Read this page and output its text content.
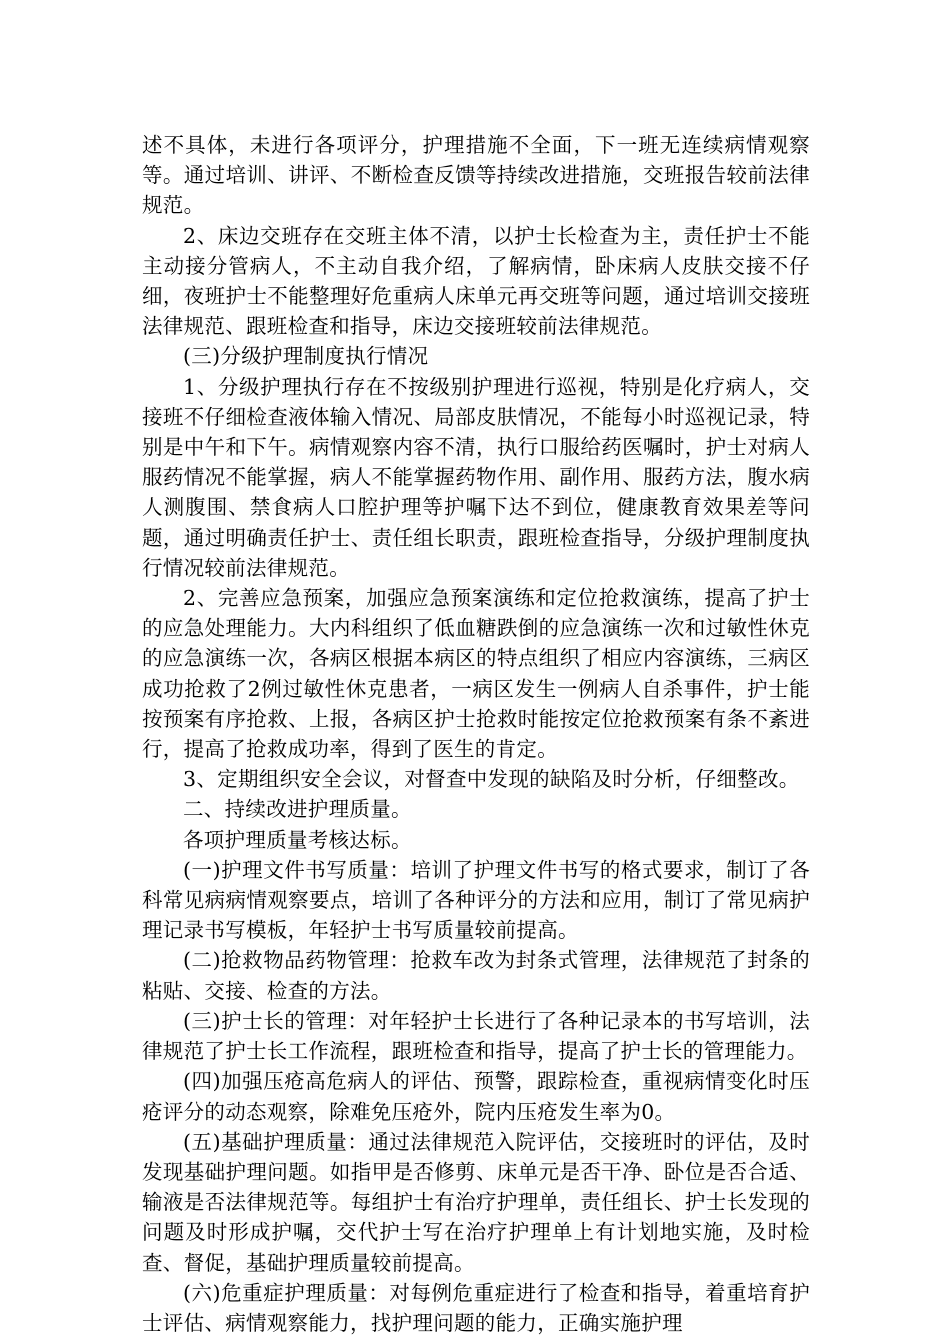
述不具体，未进行各项评分，护理措施不全面，下一班无连续病情观察等。通过培训、讲评、不断检查反馈等持续改进措施，交班报告较前法律规范。

2、床边交班存在交班主体不清，以护士长检查为主，责任护士不能主动接分管病人，不主动自我介绍，了解病情，卧床病人皮肤交接不仔细，夜班护士不能整理好危重病人床单元再交班等问题，通过培训交接班法律规范、跟班检查和指导，床边交接班较前法律规范。

(三)分级护理制度执行情况

1、分级护理执行存在不按级别护理进行巡视，特别是化疗病人，交接班不仔细检查液体输入情况、局部皮肤情况，不能每小时巡视记录，特别是中午和下午。病情观察内容不清，执行口服给药医嘱时，护士对病人服药情况不能掌握，病人不能掌握药物作用、副作用、服药方法，腹水病人测腹围、禁食病人口腔护理等护嘱下达不到位，健康教育效果差等问题，通过明确责任护士、责任组长职责，跟班检查指导，分级护理制度执行情况较前法律规范。

2、完善应急预案，加强应急预案演练和定位抢救演练，提高了护士的应急处理能力。大内科组织了低血糖跌倒的应急演练一次和过敏性休克的应急演练一次，各病区根据本病区的特点组织了相应内容演练，三病区成功抢救了2例过敏性休克患者，一病区发生一例病人自杀事件，护士能按预案有序抢救、上报，各病区护士抢救时能按定位抢救预案有条不紊进行，提高了抢救成功率，得到了医生的肯定。

3、定期组织安全会议，对督查中发现的缺陷及时分析，仔细整改。

二、持续改进护理质量。

各项护理质量考核达标。

(一)护理文件书写质量：培训了护理文件书写的格式要求，制订了各科常见病病情观察要点，培训了各种评分的方法和应用，制订了常见病护理记录书写模板，年轻护士书写质量较前提高。

(二)抢救物品药物管理：抢救车改为封条式管理，法律规范了封条的粘贴、交接、检查的方法。

(三)护士长的管理：对年轻护士长进行了各种记录本的书写培训，法律规范了护士长工作流程，跟班检查和指导，提高了护士长的管理能力。

(四)加强压疮高危病人的评估、预警，跟踪检查，重视病情变化时压疮评分的动态观察，除难免压疮外，院内压疮发生率为0。

(五)基础护理质量：通过法律规范入院评估，交接班时的评估，及时发现基础护理问题。如指甲是否修剪、床单元是否干净、卧位是否合适、输液是否法律规范等。每组护士有治疗护理单，责任组长、护士长发现的问题及时形成护嘱，交代护士写在治疗护理单上有计划地实施，及时检查、督促，基础护理质量较前提高。

(六)危重症护理质量：对每例危重症进行了检查和指导，着重培育护士评估、病情观察能力，找护理问题的能力，正确实施护理
